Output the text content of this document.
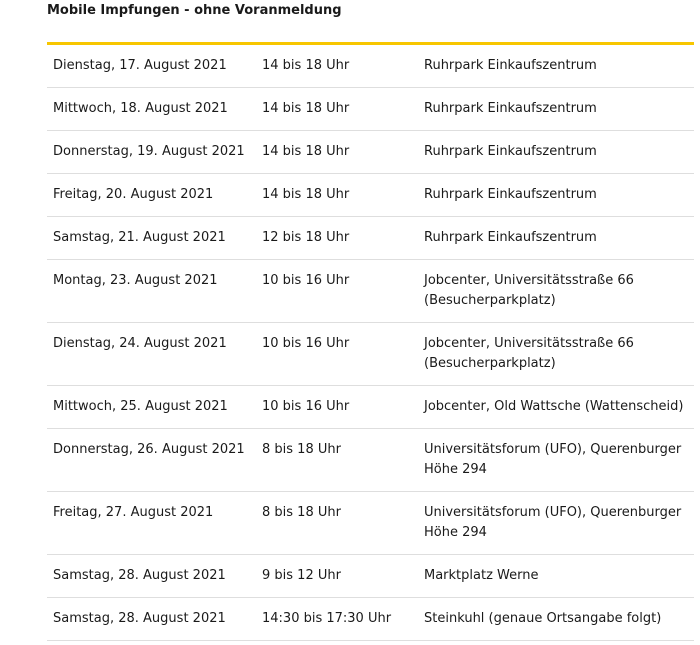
Mobile Impfungen - ohne Voranmeldung
Dienstag, 17. August 2021	14 bis 18 Uhr	Ruhrpark Einkaufszentrum
Mittwoch, 18. August 2021	14 bis 18 Uhr	Ruhrpark Einkaufszentrum
Donnerstag, 19. August 2021	14 bis 18 Uhr	Ruhrpark Einkaufszentrum
Freitag, 20. August 2021	14 bis 18 Uhr	Ruhrpark Einkaufszentrum
Samstag, 21. August 2021	12 bis 18 Uhr	Ruhrpark Einkaufszentrum
Montag, 23. August 2021	10 bis 16 Uhr	Jobcenter, Universitätsstraße 66 (Besucherparkplatz)
Dienstag, 24. August 2021	10 bis 16 Uhr	Jobcenter, Universitätsstraße 66 (Besucherparkplatz)
Mittwoch, 25. August 2021	10 bis 16 Uhr	Jobcenter, Old Wattsche (Wattenscheid)
Donnerstag, 26. August 2021	8 bis 18 Uhr	Universitätsforum (UFO), Querenburger Höhe 294
Freitag, 27. August 2021	8 bis 18 Uhr	Universitätsforum (UFO), Querenburger Höhe 294
Samstag, 28. August 2021	9 bis 12 Uhr	Marktplatz Werne
Samstag, 28. August 2021	14:30 bis 17:30 Uhr	Steinkuhl (genaue Ortsangabe folgt)
